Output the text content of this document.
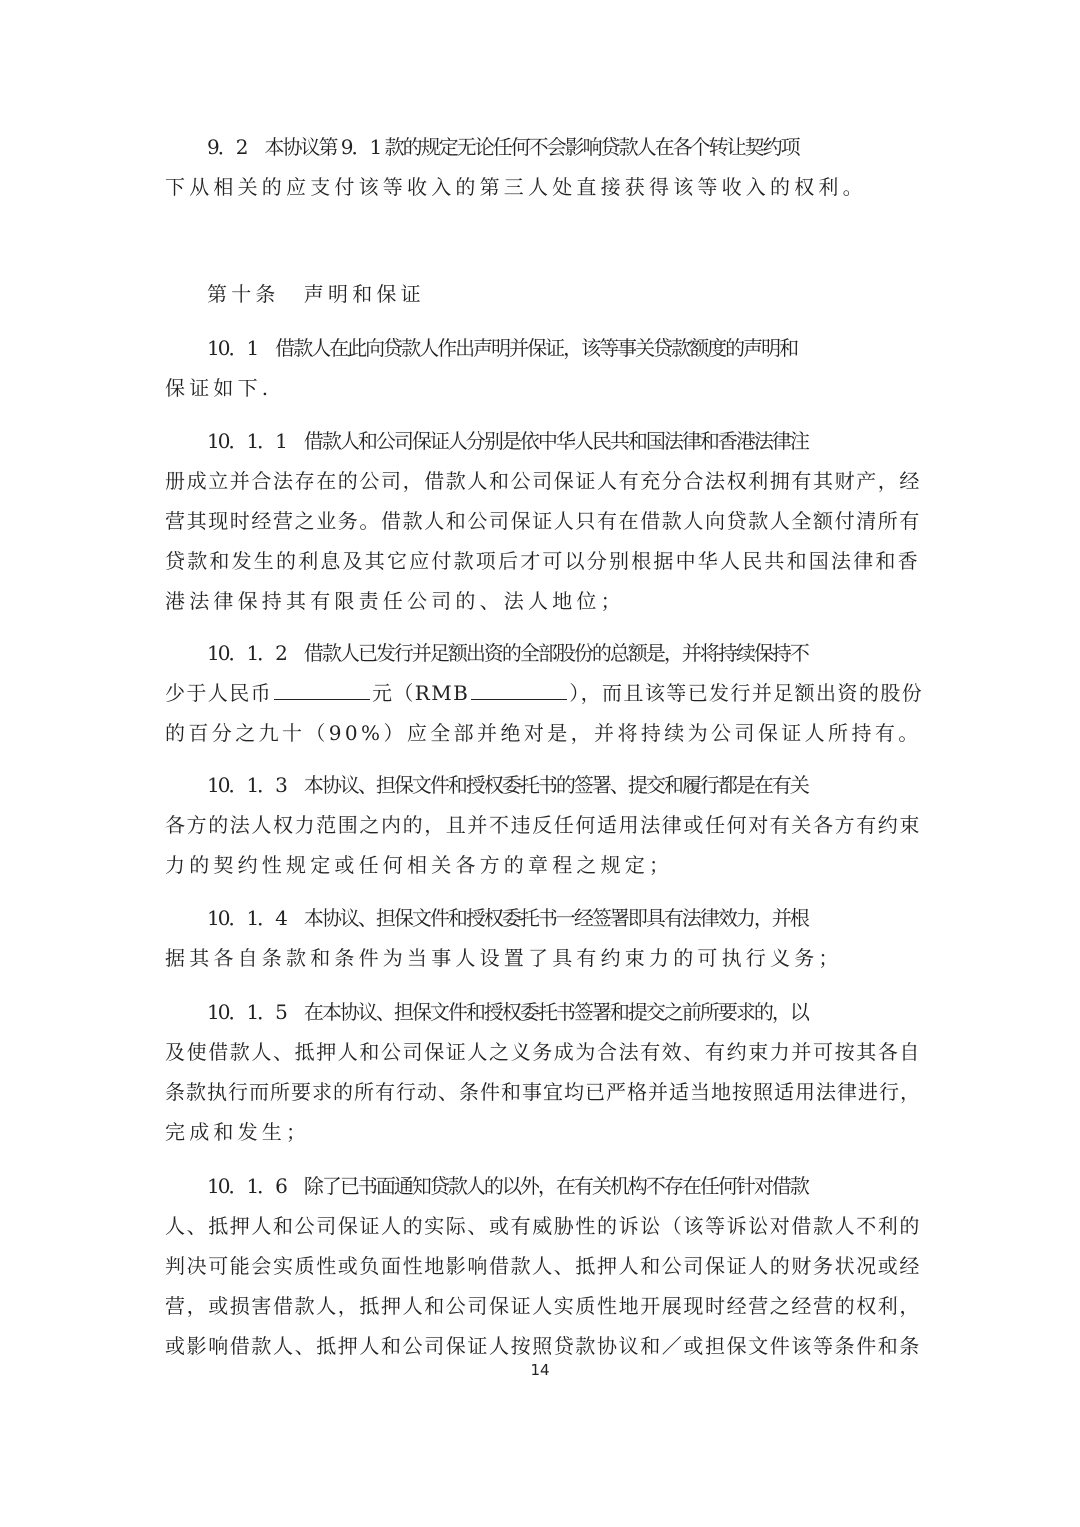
9．2　本协议第 9．1 款的规定无论任何不会影响贷款人在各个转让契约项
下从相关的应支付该等收入的第三人处直接获得该等收入的权利。
第十条　声明和保证
10．1　借款人在此向贷款人作出声明并保证，该等事关贷款额度的声明和
保证如下.
10．1．1　借款人和公司保证人分别是依中华人民共和国法律和香港法律注
册成立并合法存在的公司，借款人和公司保证人有充分合法权利拥有其财产，经
营其现时经营之业务。借款人和公司保证人只有在借款人向贷款人全额付清所有
贷款和发生的利息及其它应付款项后才可以分别根据中华人民共和国法律和香
港法律保持其有限责任公司的、法人地位；
10．1．2　借款人已发行并足额出资的全部股份的总额是，并将持续保持不
少于人民币	元（RMB	），而且该等已发行并足额出资的股份
的百分之九十（90%）应全部并绝对是，并将持续为公司保证人所持有。
10．1．3　本协议、担保文件和授权委托书的签署、提交和履行都是在有关
各方的法人权力范围之内的，且并不违反任何适用法律或任何对有关各方有约束
力的契约性规定或任何相关各方的章程之规定；
10．1．4　本协议、担保文件和授权委托书一经签署即具有法律效力，并根
据其各自条款和条件为当事人设置了具有约束力的可执行义务；
10．1．5　在本协议、担保文件和授权委托书签署和提交之前所要求的，以
及使借款人、抵押人和公司保证人之义务成为合法有效、有约束力并可按其各自
条款执行而所要求的所有行动、条件和事宜均已严格并适当地按照适用法律进行，
完成和发生；
10．1．6　除了已书面通知贷款人的以外，在有关机构不存在任何针对借款
人、抵押人和公司保证人的实际、或有威胁性的诉讼（该等诉讼对借款人不利的
判决可能会实质性或负面性地影响借款人、抵押人和公司保证人的财务状况或经
营，或损害借款人，抵押人和公司保证人实质性地开展现时经营之经营的权利，
或影响借款人、抵押人和公司保证人按照贷款协议和／或担保文件该等条件和条
14
